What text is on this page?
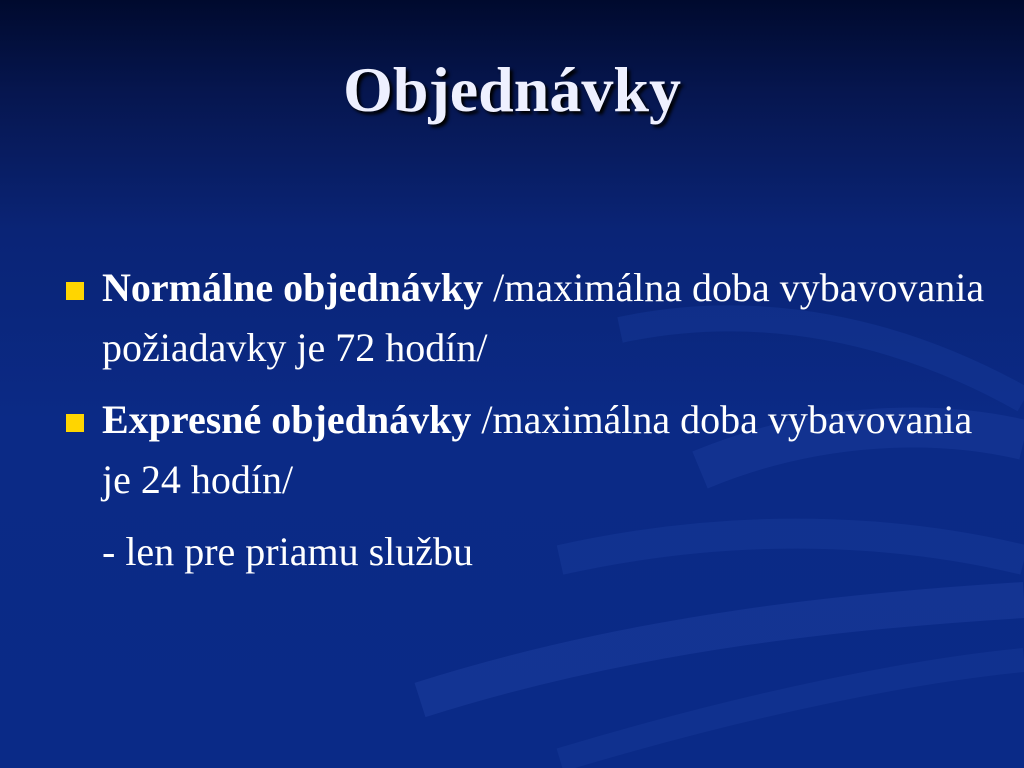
Objednávky
Normálne objednávky /maximálna doba vybavovania požiadavky je 72 hodín/
Expresné objednávky /maximálna doba vybavovania je 24 hodín/
- len pre priamu službu
